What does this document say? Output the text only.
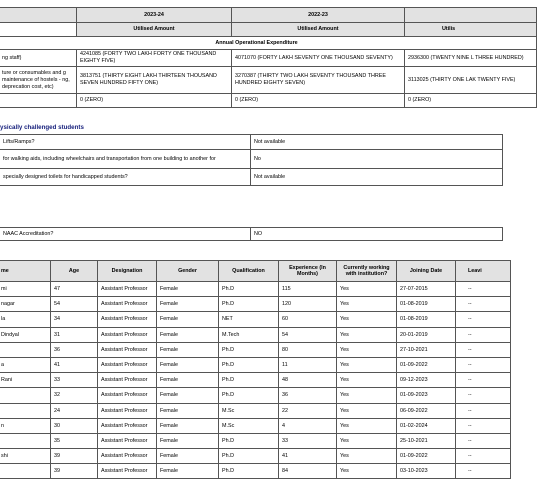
	2023-24	2022-23	
	Utilised Amount	Utilised Amount	Utilis
Annual Operational Expenditure			
ng staff)	4241085 (FORTY TWO LAKH FORTY ONE THOUSAND EIGHTY FIVE)	4071070 (FORTY LAKH SEVENTY ONE THOUSAND SEVENTY)	2936300 (TWENTY NINE L THREE HUNDRED)
ture or consumables and g maintenance of hostels - ng, deprecation cost, etc)	3813751 (THIRTY EIGHT LAKH THIRTEEN THOUSAND SEVEN HUNDRED FIFTY ONE)	3270387 (THIRTY TWO LAKH SEVENTY THOUSAND THREE HUNDRED EIGHTY SEVEN)	3113025 (THIRTY ONE LAK TWENTY FIVE)
	0 (ZERO)	0 (ZERO)	0 (ZERO)
ysically challenged students
Lifts/Ramps?	Not available
for walking aids, including wheelchairs and transportation from one building to another for	No
specially designed toilets for handicapped students?	Not available
NAAC Accreditation?	NO
me	Age	Designation	Gender	Qualification	Experience (In Months)	Currently working with institution?	Joining Date	Leavi
mi	47	Assistant Professor	Female	Ph.D	115	Yes	27-07-2015	--
nagar	54	Assistant Professor	Female	Ph.D	120	Yes	01-08-2019	--
la	34	Assistant Professor	Female	NET	60	Yes	01-08-2019	--
Dindyal	31	Assistant Professor	Female	M.Tech	54	Yes	20-01-2019	--
	36	Assistant Professor	Female	Ph.D	80	Yes	27-10-2021	--
a	41	Assistant Professor	Female	Ph.D	11	Yes	01-09-2022	--
Rani	33	Assistant Professor	Female	Ph.D	48	Yes	09-12-2023	--
	32	Assistant Professor	Female	Ph.D	36	Yes	01-09-2023	--
	24	Assistant Professor	Female	M.Sc	22	Yes	06-09-2022	--
n	30	Assistant Professor	Female	M.Sc	4	Yes	01-02-2024	--
	35	Assistant Professor	Female	Ph.D	33	Yes	25-10-2021	--
shi	39	Assistant Professor	Female	Ph.D	41	Yes	01-09-2022	--
	39	Assistant Professor	Female	Ph.D	84	Yes	03-10-2023	--
